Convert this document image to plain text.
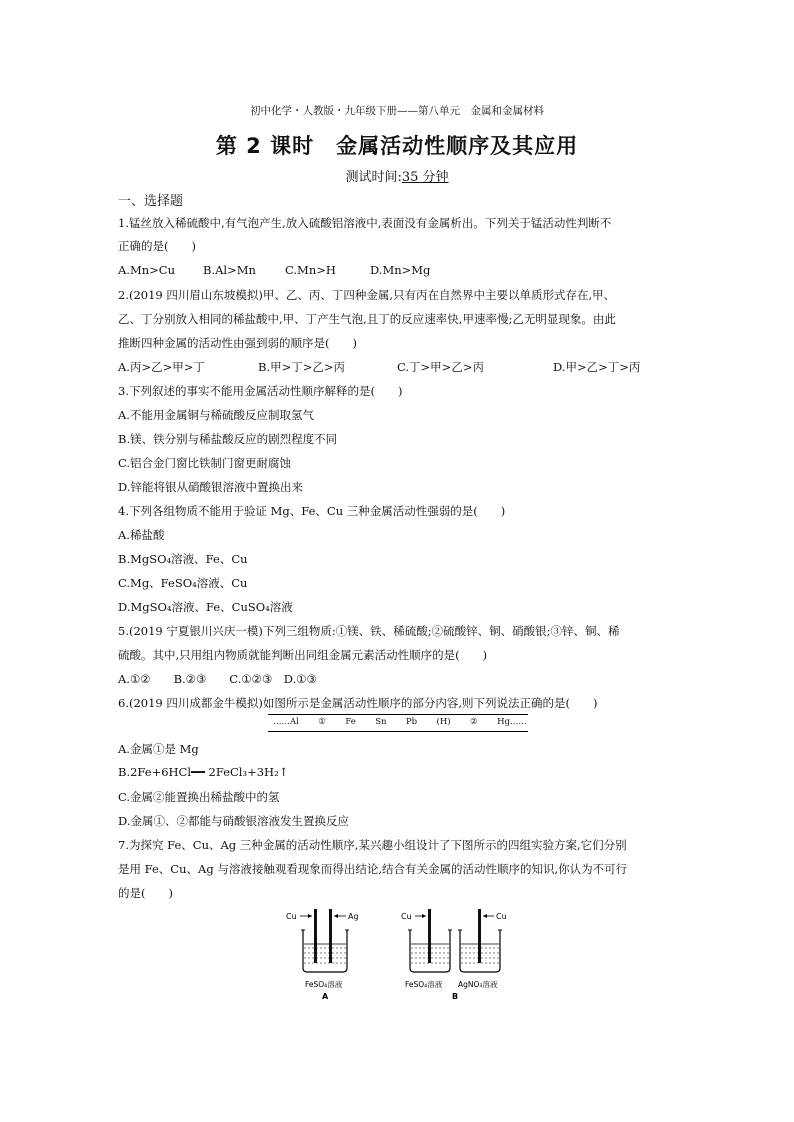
初中化学・人教版・九年级下册——第八单元　金属和金属材料
第 2 课时　金属活动性顺序及其应用
测试时间:35 分钟
一、选择题
1.锰丝放入稀硫酸中,有气泡产生,放入硫酸铝溶液中,表面没有金属析出。下列关于锰活动性判断不
正确的是(　　)
A.Mn>Cu B.Al>Mn	C.Mn>H	D.Mn>Mg
2.(2019 四川眉山东坡模拟)甲、乙、丙、丁四种金属,只有丙在自然界中主要以单质形式存在,甲、
乙、丁分别放入相同的稀盐酸中,甲、丁产生气泡,且丁的反应速率快,甲速率慢;乙无明显现象。由此
推断四种金属的活动性由强到弱的顺序是(　　)
A.丙>乙>甲>丁	B.甲>丁>乙>丙	C.丁>甲>乙>丙	D.甲>乙>丁>丙
3.下列叙述的事实不能用金属活动性顺序解释的是(　　)
A.不能用金属铜与稀硫酸反应制取氢气
B.镁、铁分别与稀盐酸反应的剧烈程度不同
C.铝合金门窗比铁制门窗更耐腐蚀
D.锌能将银从硝酸银溶液中置换出来
4.下列各组物质不能用于验证 Mg、Fe、Cu 三种金属活动性强弱的是(　　)
A.稀盐酸
B.MgSO₄溶液、Fe、Cu
C.Mg、FeSO₄溶液、Cu
D.MgSO₄溶液、Fe、CuSO₄溶液
5.(2019 宁夏银川兴庆一模)下列三组物质:①镁、铁、稀硫酸;②硫酸锌、铜、硝酸银;③锌、铜、稀
硫酸。其中,只用组内物质就能判断出同组金属元素活动性顺序的是(　　)
A.①②　　B.②③　　C.①②③　D.①③
6.(2019 四川成都金牛模拟)如图所示是金属活动性顺序的部分内容,则下列说法正确的是(　　)
……Al ① Fe Sn Pb (H) ② Hg……
A.金属①是 Mg
B.2Fe+6HCl━━ 2FeCl₃+3H₂↑
C.金属②能置换出稀盐酸中的氢
D.金属①、②都能与硝酸银溶液发生置换反应
7.为探究 Fe、Cu、Ag 三种金属的活动性顺序,某兴趣小组设计了下图所示的四组实验方案,它们分别
是用 Fe、Cu、Ag 与溶液接触观看现象而得出结论,结合有关金属的活动性顺序的知识,你认为不可行
的是(　　)
Cu	Ag
FeSO₄溶液
A
Cu
FeSO₄溶液
Cu
AgNO₃溶液
B
